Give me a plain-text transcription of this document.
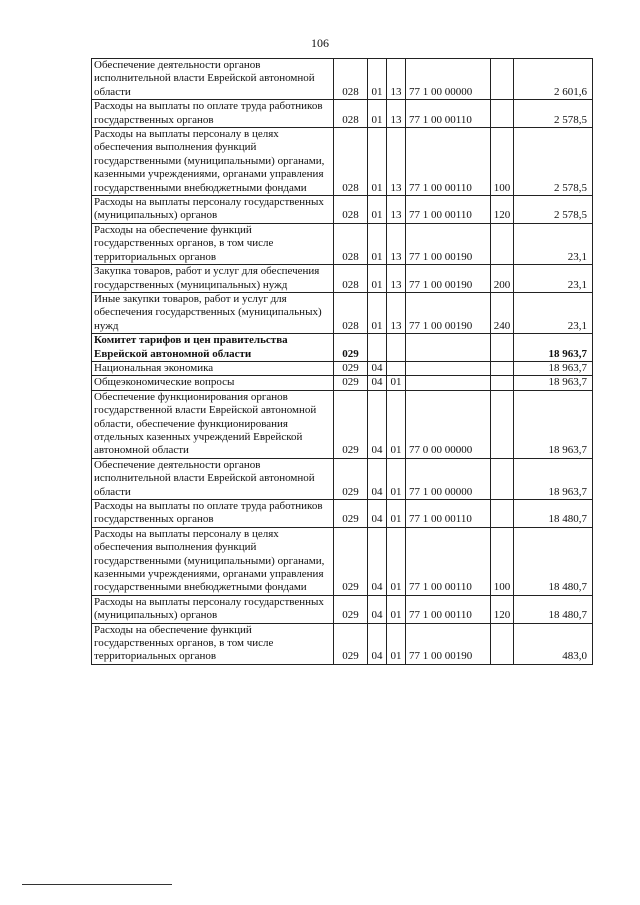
106
Обеспечение деятельности органов исполнительной власти Еврейской автономной области	028	01	13	77 1 00 00000		2 601,6
Расходы на выплаты по оплате труда работников государственных органов	028	01	13	77 1 00 00110		2 578,5
Расходы на выплаты персоналу в целях обеспечения выполнения функций государственными (муниципальными) органами, казенными учреждениями, органами управления государственными внебюджетными фондами	028	01	13	77 1 00 00110	100	2 578,5
Расходы на выплаты персоналу государственных (муниципальных) органов	028	01	13	77 1 00 00110	120	2 578,5
Расходы на обеспечение функций государственных органов, в том числе территориальных органов	028	01	13	77 1 00 00190		23,1
Закупка товаров, работ и услуг для обеспечения государственных (муниципальных) нужд	028	01	13	77 1 00 00190	200	23,1
Иные закупки товаров, работ и услуг для обеспечения государственных (муниципальных) нужд	028	01	13	77 1 00 00190	240	23,1
Комитет тарифов и цен правительства Еврейской автономной области	029					18 963,7
Национальная экономика	029	04				18 963,7
Общеэкономические вопросы	029	04	01			18 963,7
Обеспечение функционирования органов государственной власти Еврейской автономной области, обеспечение функционирования отдельных казенных учреждений Еврейской автономной области	029	04	01	77 0 00 00000		18 963,7
Обеспечение деятельности органов исполнительной власти Еврейской автономной области	029	04	01	77 1 00 00000		18 963,7
Расходы на выплаты по оплате труда работников государственных органов	029	04	01	77 1 00 00110		18 480,7
Расходы на выплаты персоналу в целях обеспечения выполнения функций государственными (муниципальными) органами, казенными учреждениями, органами управления государственными внебюджетными фондами	029	04	01	77 1 00 00110	100	18 480,7
Расходы на выплаты персоналу государственных (муниципальных) органов	029	04	01	77 1 00 00110	120	18 480,7
Расходы на обеспечение функций государственных органов, в том числе территориальных органов	029	04	01	77 1 00 00190		483,0
